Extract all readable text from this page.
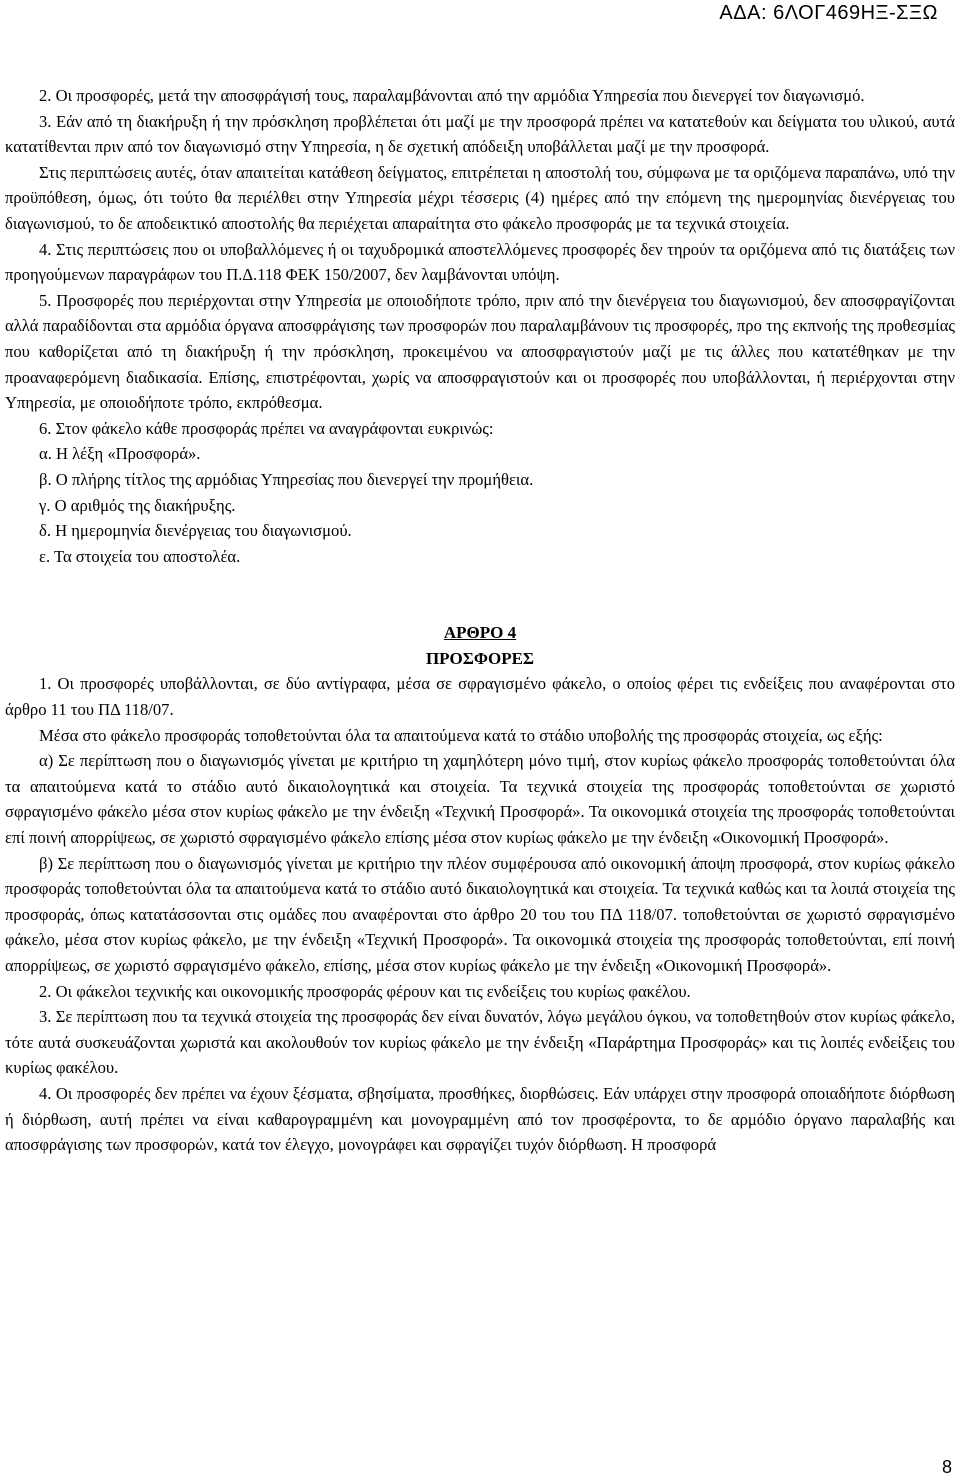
ΑΔΑ: 6ΛΟΓ469ΗΞ-ΣΞΩ

2. Οι προσφορές, μετά την αποσφράγισή τους, παραλαμβάνονται από την αρμόδια Υπηρεσία που διενεργεί τον διαγωνισμό.

3. Εάν από τη διακήρυξη ή την πρόσκληση προβλέπεται ότι μαζί με την προσφορά πρέπει να κατατεθούν και δείγματα του υλικού, αυτά κατατίθενται πριν από τον διαγωνισμό στην Υπηρεσία, η δε σχετική απόδειξη υποβάλλεται μαζί με την προσφορά.

Στις περιπτώσεις αυτές, όταν απαιτείται κατάθεση δείγματος, επιτρέπεται η αποστολή του, σύμφωνα με τα οριζόμενα παραπάνω, υπό την προϋπόθεση, όμως, ότι τούτο θα περιέλθει στην Υπηρεσία μέχρι τέσσερις (4) ημέρες από την επόμενη της ημερομηνίας διενέργειας του διαγωνισμού, το δε αποδεικτικό αποστολής θα περιέχεται απαραίτητα στο φάκελο προσφοράς με τα τεχνικά στοιχεία.

4. Στις περιπτώσεις που οι υποβαλλόμενες ή οι ταχυδρομικά αποστελλόμενες προσφορές δεν τηρούν τα οριζόμενα από τις διατάξεις των προηγούμενων παραγράφων του Π.Δ.118 ΦΕΚ 150/2007, δεν λαμβάνονται υπόψη.

5. Προσφορές που περιέρχονται στην Υπηρεσία με οποιοδήποτε τρόπο, πριν από την διενέργεια του διαγωνισμού, δεν αποσφραγίζονται αλλά παραδίδονται στα αρμόδια όργανα αποσφράγισης των προσφορών που παραλαμβάνουν τις προσφορές, προ της εκπνοής της προθεσμίας που καθορίζεται από τη διακήρυξη ή την πρόσκληση, προκειμένου να αποσφραγιστούν μαζί με τις άλλες που κατατέθηκαν με την προαναφερόμενη διαδικασία. Επίσης, επιστρέφονται, χωρίς να αποσφραγιστούν και οι προσφορές που υποβάλλονται, ή περιέρχονται στην Υπηρεσία, με οποιοδήποτε τρόπο, εκπρόθεσμα.

6. Στον φάκελο κάθε προσφοράς πρέπει να αναγράφονται ευκρινώς:

α. Η λέξη «Προσφορά».

β. Ο πλήρης τίτλος της αρμόδιας Υπηρεσίας που διενεργεί την προμήθεια.

γ. Ο αριθμός της διακήρυξης.

δ. Η ημερομηνία διενέργειας του διαγωνισμού.

ε. Τα στοιχεία του αποστολέα.

ΑΡΘΡΟ 4

ΠΡΟΣΦΟΡΕΣ

1. Οι προσφορές υποβάλλονται, σε δύο αντίγραφα, μέσα σε σφραγισμένο φάκελο, ο οποίος φέρει τις ενδείξεις που αναφέρονται στο άρθρο 11 του ΠΔ 118/07.

Μέσα στο φάκελο προσφοράς τοποθετούνται όλα τα απαιτούμενα κατά το στάδιο υποβολής της προσφοράς στοιχεία, ως εξής:

α) Σε περίπτωση που ο διαγωνισμός γίνεται με κριτήριο τη χαμηλότερη μόνο τιμή, στον κυρίως φάκελο προσφοράς τοποθετούνται όλα τα απαιτούμενα κατά το στάδιο αυτό δικαιολογητικά και στοιχεία. Τα τεχνικά στοιχεία της προσφοράς τοποθετούνται σε χωριστό σφραγισμένο φάκελο μέσα στον κυρίως φάκελο με την ένδειξη «Τεχνική Προσφορά». Τα οικονομικά στοιχεία της προσφοράς τοποθετούνται επί ποινή απορρίψεως, σε χωριστό σφραγισμένο φάκελο επίσης μέσα στον κυρίως φάκελο με την ένδειξη «Οικονομική Προσφορά».

β) Σε περίπτωση που ο διαγωνισμός γίνεται με κριτήριο την πλέον συμφέρουσα από οικονομική άποψη προσφορά, στον κυρίως φάκελο προσφοράς τοποθετούνται όλα τα απαιτούμενα κατά το στάδιο αυτό δικαιολογητικά και στοιχεία. Τα τεχνικά καθώς και τα λοιπά στοιχεία της προσφοράς, όπως κατατάσσονται στις ομάδες που αναφέρονται στο άρθρο 20 του του ΠΔ 118/07. τοποθετούνται σε χωριστό σφραγισμένο φάκελο, μέσα στον κυρίως φάκελο, με την ένδειξη «Τεχνική Προσφορά». Τα οικονομικά στοιχεία της προσφοράς τοποθετούνται, επί ποινή απορρίψεως, σε χωριστό σφραγισμένο φάκελο, επίσης, μέσα στον κυρίως φάκελο με την ένδειξη «Οικονομική Προσφορά».

2. Οι φάκελοι τεχνικής και οικονομικής προσφοράς φέρουν και τις ενδείξεις του κυρίως φακέλου.

3. Σε περίπτωση που τα τεχνικά στοιχεία της προσφοράς δεν είναι δυνατόν, λόγω μεγάλου όγκου, να τοποθετηθούν στον κυρίως φάκελο, τότε αυτά συσκευάζονται χωριστά και ακολουθούν τον κυρίως φάκελο με την ένδειξη «Παράρτημα Προσφοράς» και τις λοιπές ενδείξεις του κυρίως φακέλου.

4. Οι προσφορές δεν πρέπει να έχουν ξέσματα, σβησίματα, προσθήκες, διορθώσεις. Εάν υπάρχει στην προσφορά οποιαδήποτε διόρθωση ή διόρθωση, αυτή πρέπει να είναι καθαρογραμμένη και μονογραμμένη από τον προσφέροντα, το δε αρμόδιο όργανο παραλαβής και αποσφράγισης των προσφορών, κατά τον έλεγχο, μονογράφει και σφραγίζει τυχόν διόρθωση. Η προσφορά

8
